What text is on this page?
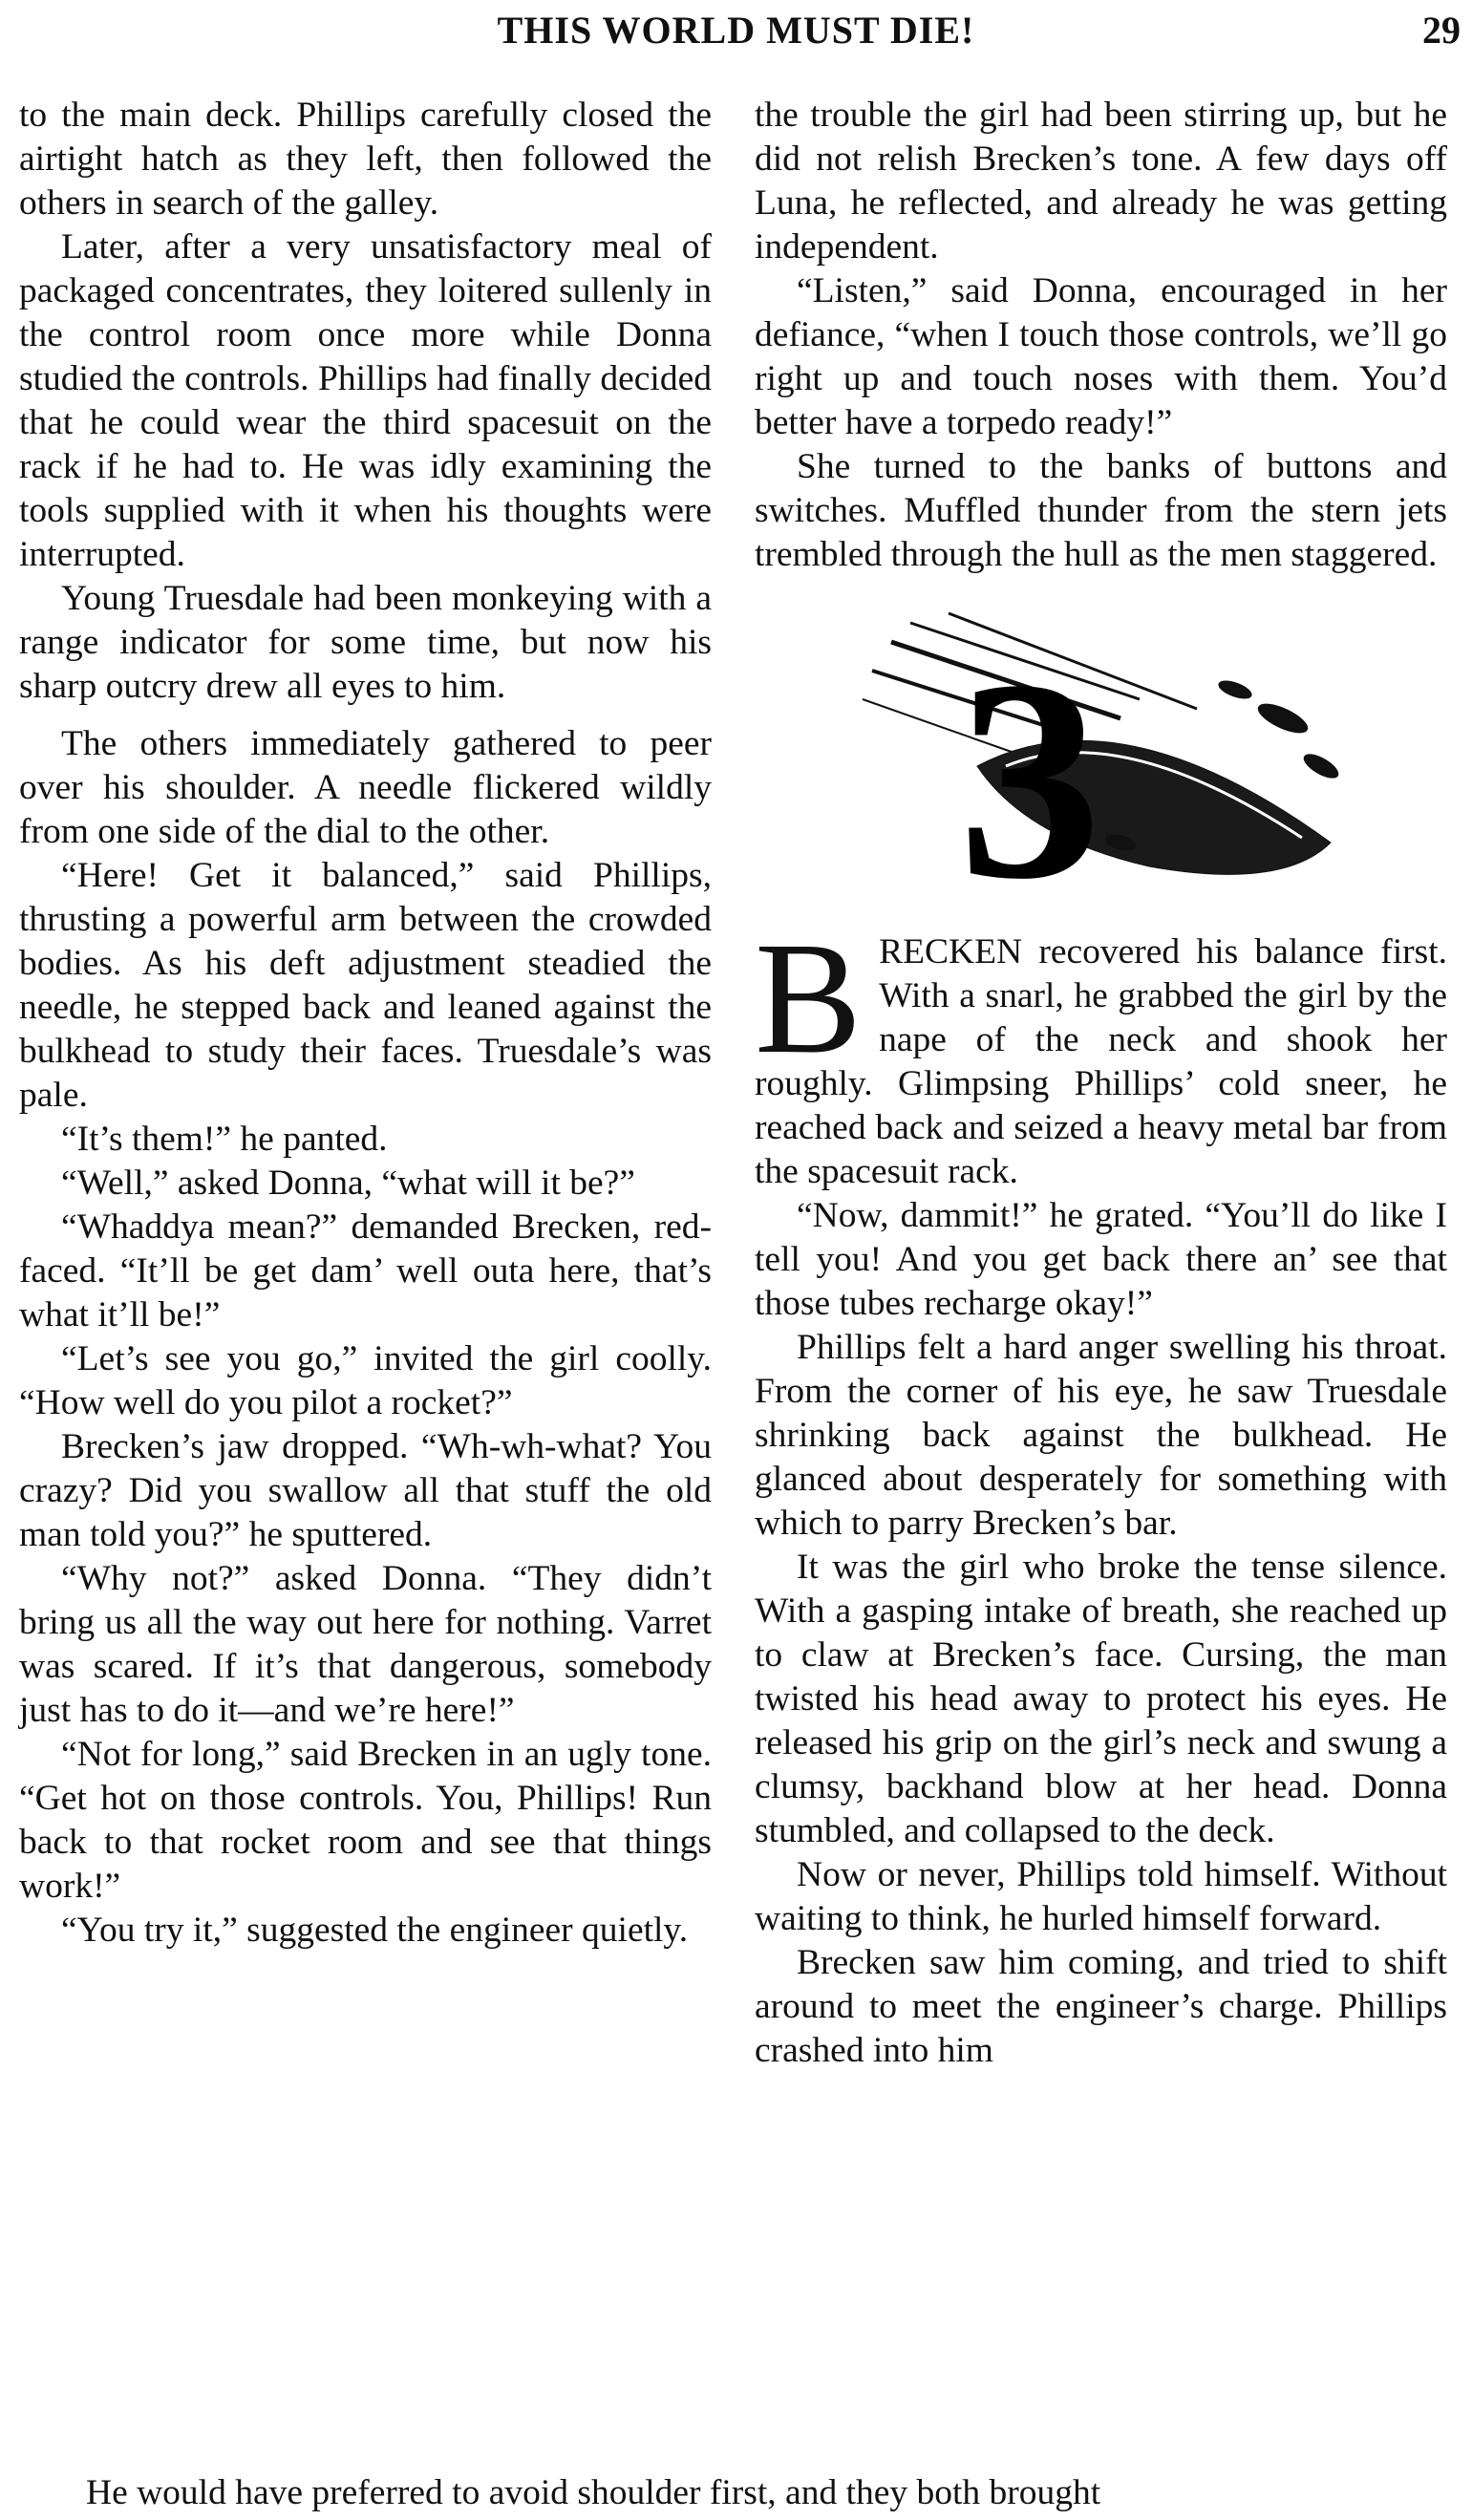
THIS WORLD MUST DIE!	29

to the main deck. Phillips carefully closed the airtight hatch as they left, then followed the others in search of the galley.

Later, after a very unsatisfactory meal of packaged concentrates, they loitered sullenly in the control room once more while Donna studied the controls. Phillips had finally decided that he could wear the third spacesuit on the rack if he had to. He was idly examining the tools supplied with it when his thoughts were interrupted.

Young Truesdale had been monkeying with a range indicator for some time, but now his sharp outcry drew all eyes to him.

The others immediately gathered to peer over his shoulder. A needle flickered wildly from one side of the dial to the other.

“Here! Get it balanced,” said Phillips, thrusting a powerful arm between the crowded bodies. As his deft adjustment steadied the needle, he stepped back and leaned against the bulkhead to study their faces. Truesdale’s was pale.

“It’s them!” he panted.

“Well,” asked Donna, “what will it be?”

“Whaddya mean?” demanded Brecken, red-faced. “It’ll be get dam’ well outa here, that’s what it’ll be!”

“Let’s see you go,” invited the girl coolly. “How well do you pilot a rocket?”

Brecken’s jaw dropped. “Wh-wh-what? You crazy? Did you swallow all that stuff the old man told you?” he sputtered.

“Why not?” asked Donna. “They didn’t bring us all the way out here for nothing. Varret was scared. If it’s that dangerous, somebody just has to do it—and we’re here!”

“Not for long,” said Brecken in an ugly tone. “Get hot on those controls. You, Phillips! Run back to that rocket room and see that things work!”

“You try it,” suggested the engineer quietly.

the trouble the girl had been stirring up, but he did not relish Brecken’s tone. A few days off Luna, he reflected, and already he was getting independent.

“Listen,” said Donna, encouraged in her defiance, “when I touch those controls, we’ll go right up and touch noses with them. You’d better have a torpedo ready!”

She turned to the banks of buttons and switches. Muffled thunder from the stern jets trembled through the hull as the men staggered.

3

BRECKEN recovered his balance first. With a snarl, he grabbed the girl by the nape of the neck and shook her roughly. Glimpsing Phillips’ cold sneer, he reached back and seized a heavy metal bar from the spacesuit rack.

“Now, dammit!” he grated. “You’ll do like I tell you! And you get back there an’ see that those tubes recharge okay!”

Phillips felt a hard anger swelling his throat. From the corner of his eye, he saw Truesdale shrinking back against the bulkhead. He glanced about desperately for something with which to parry Brecken’s bar.

It was the girl who broke the tense silence. With a gasping intake of breath, she reached up to claw at Brecken’s face. Cursing, the man twisted his head away to protect his eyes. He released his grip on the girl’s neck and swung a clumsy, backhand blow at her head. Donna stumbled, and collapsed to the deck.

Now or never, Phillips told himself. Without waiting to think, he hurled himself forward.

Brecken saw him coming, and tried to shift around to meet the engineer’s charge. Phillips crashed into him

He would have preferred to avoid shoulder first, and they both brought
